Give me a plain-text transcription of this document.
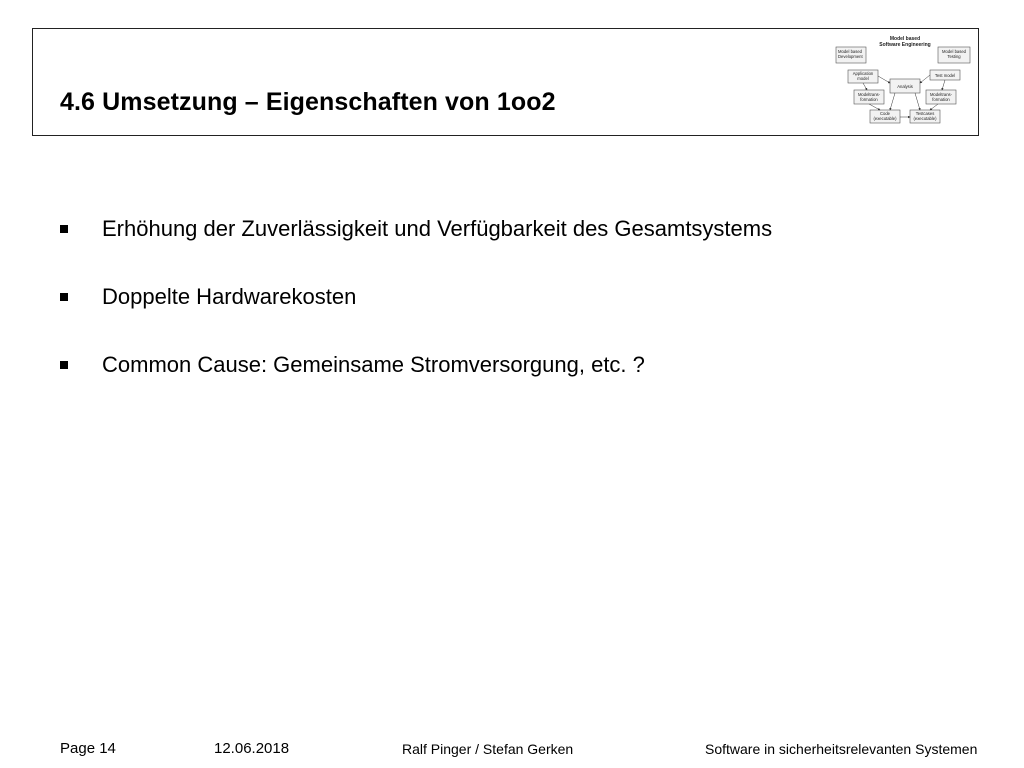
4.6 Umsetzung – Eigenschaften von 1oo2
Model based
Software Engineering
Model based
Development
Model based
Testing
Application
model
Test model
Analysis
Modeltrans-
formation
Modeltrans-
formation
Code
(executable)
Testcases
(executable)
Erhöhung der Zuverlässigkeit und Verfügbarkeit des Gesamtsystems
Doppelte Hardwarekosten
Common Cause: Gemeinsame Stromversorgung, etc. ?
Page 14	12.06.2018	Ralf Pinger / Stefan Gerken	Software in sicherheitsrelevanten Systemen
